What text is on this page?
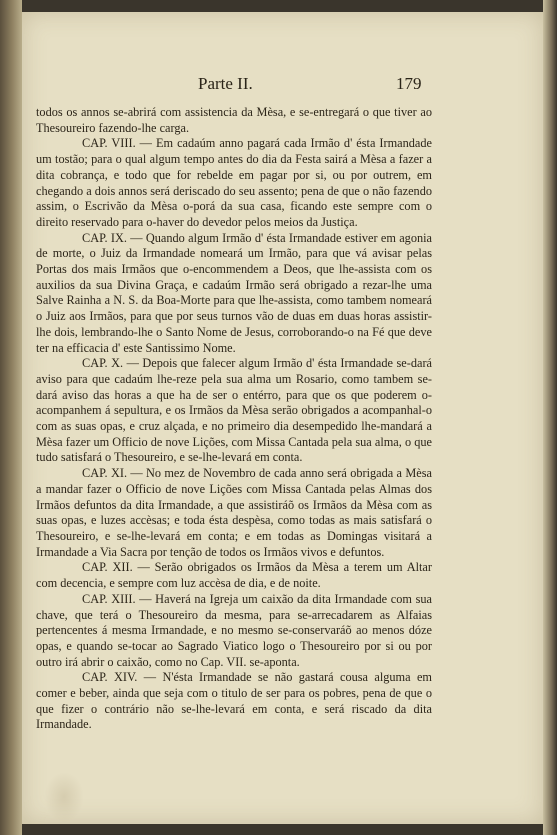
Parte II.	179

todos os annos se-abrirá com assistencia da Mèsa, e se-entregará o que tiver ao Thesoureiro fazendo-lhe carga.

CAP. VIII. — Em cadaúm anno pagará cada Irmão d' ésta Irmandade um tostão; para o qual algum tempo antes do dia da Festa sairá a Mèsa a fazer a dita cobrança, e todo que for rebelde em pagar por si, ou por outrem, em chegando a dois annos será deriscado do seu assento; pena de que o não fazendo assim, o Escrivão da Mèsa o-porá da sua casa, ficando este sempre com o direito reservado para o-haver do devedor pelos meios da Justiça.

CAP. IX. — Quando algum Irmão d' ésta Irmandade estiver em agonia de morte, o Juiz da Irmandade nomeará um Irmão, para que vá avisar pelas Portas dos mais Irmãos que o-encommendem a Deos, que lhe-assista com os auxilios da sua Divina Graça, e cadaúm Irmão será obrigado a rezar-lhe uma Salve Rainha a N. S. da Boa-Morte para que lhe-assista, como tambem nomeará o Juiz aos Irmãos, para que por seus turnos vão de duas em duas horas assistir-lhe dois, lembrando-lhe o Santo Nome de Jesus, corroborando-o na Fé que deve ter na efficacia d' este Santissimo Nome.

CAP. X. — Depois que falecer algum Irmão d' ésta Irmandade se-dará aviso para que cadaúm lhe-reze pela sua alma um Rosario, como tambem se-dará aviso das horas a que ha de ser o entérro, para que os que poderem o-acompanhem á sepultura, e os Irmãos da Mèsa serão obrigados a acompanhal-o com as suas opas, e cruz alçada, e no primeiro dia desempedido lhe-mandará a Mèsa fazer um Officio de nove Lições, com Missa Cantada pela sua alma, o que tudo satisfará o Thesoureiro, e se-lhe-levará em conta.

CAP. XI. — No mez de Novembro de cada anno será obrigada a Mèsa a mandar fazer o Officio de nove Lições com Missa Cantada pelas Almas dos Irmãos defuntos da dita Irmandade, a que assistiráõ os Irmãos da Mèsa com as suas opas, e luzes accèsas; e toda ésta despèsa, como todas as mais satisfará o Thesoureiro, e se-lhe-levará em conta; e em todas as Domingas visitará a Irmandade a Via Sacra por tenção de todos os Irmãos vivos e defuntos.

CAP. XII. — Serão obrigados os Irmãos da Mèsa a terem um Altar com decencia, e sempre com luz accèsa de dia, e de noite.

CAP. XIII. — Haverá na Igreja um caixão da dita Irmandade com sua chave, que terá o Thesoureiro da mesma, para se-arrecadarem as Alfaias pertencentes á mesma Irmandade, e no mesmo se-conservaráõ ao menos dóze opas, e quando se-tocar ao Sagrado Viatico logo o Thesoureiro por si ou por outro irá abrir o caixão, como no Cap. VII. se-aponta.

CAP. XIV. — N'ésta Irmandade se não gastará cousa alguma em comer e beber, ainda que seja com o titulo de ser para os pobres, pena de que o que fizer o contrário não se-lhe-levará em conta, e será riscado da dita Irmandade.
